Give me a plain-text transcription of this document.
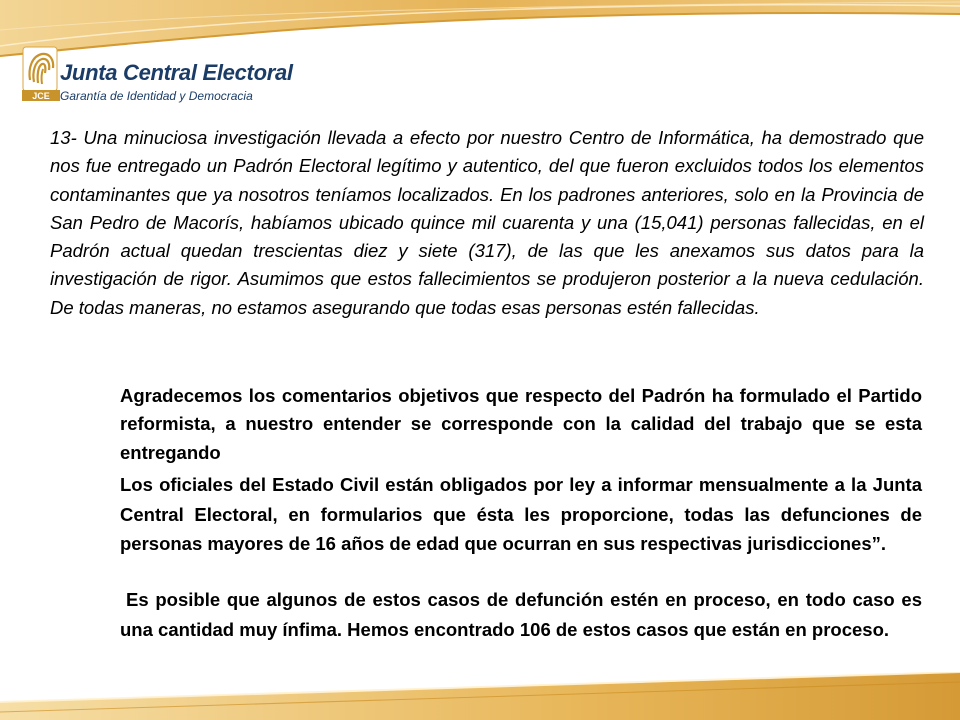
JCE
Junta Central Electoral
Garantía de Identidad y Democracia

13- Una minuciosa investigación llevada a efecto por nuestro Centro de Informática, ha demostrado que nos fue entregado un Padrón Electoral legítimo y autentico, del que fueron excluidos todos los elementos contaminantes que ya nosotros teníamos localizados. En los padrones anteriores, solo en la Provincia de San Pedro de Macorís, habíamos ubicado quince mil cuarenta y una (15,041) personas fallecidas, en el Padrón actual quedan trescientas diez y siete (317), de las que les anexamos sus datos para la investigación de rigor. Asumimos que estos fallecimientos se produjeron posterior a la nueva cedulación. De todas maneras, no estamos asegurando que todas esas personas estén fallecidas.

Agradecemos los comentarios objetivos que respecto del Padrón ha formulado el Partido reformista, a nuestro entender se corresponde con la calidad del trabajo que se esta entregando

Los oficiales del Estado Civil están obligados por ley a informar mensualmente a la Junta Central Electoral, en formularios que ésta les proporcione, todas las defunciones de personas mayores de 16 años de edad que ocurran en sus respectivas jurisdicciones”.

Es posible que algunos de estos casos de defunción estén en proceso, en todo caso es una cantidad muy ínfima. Hemos encontrado 106 de estos casos que están en proceso.
